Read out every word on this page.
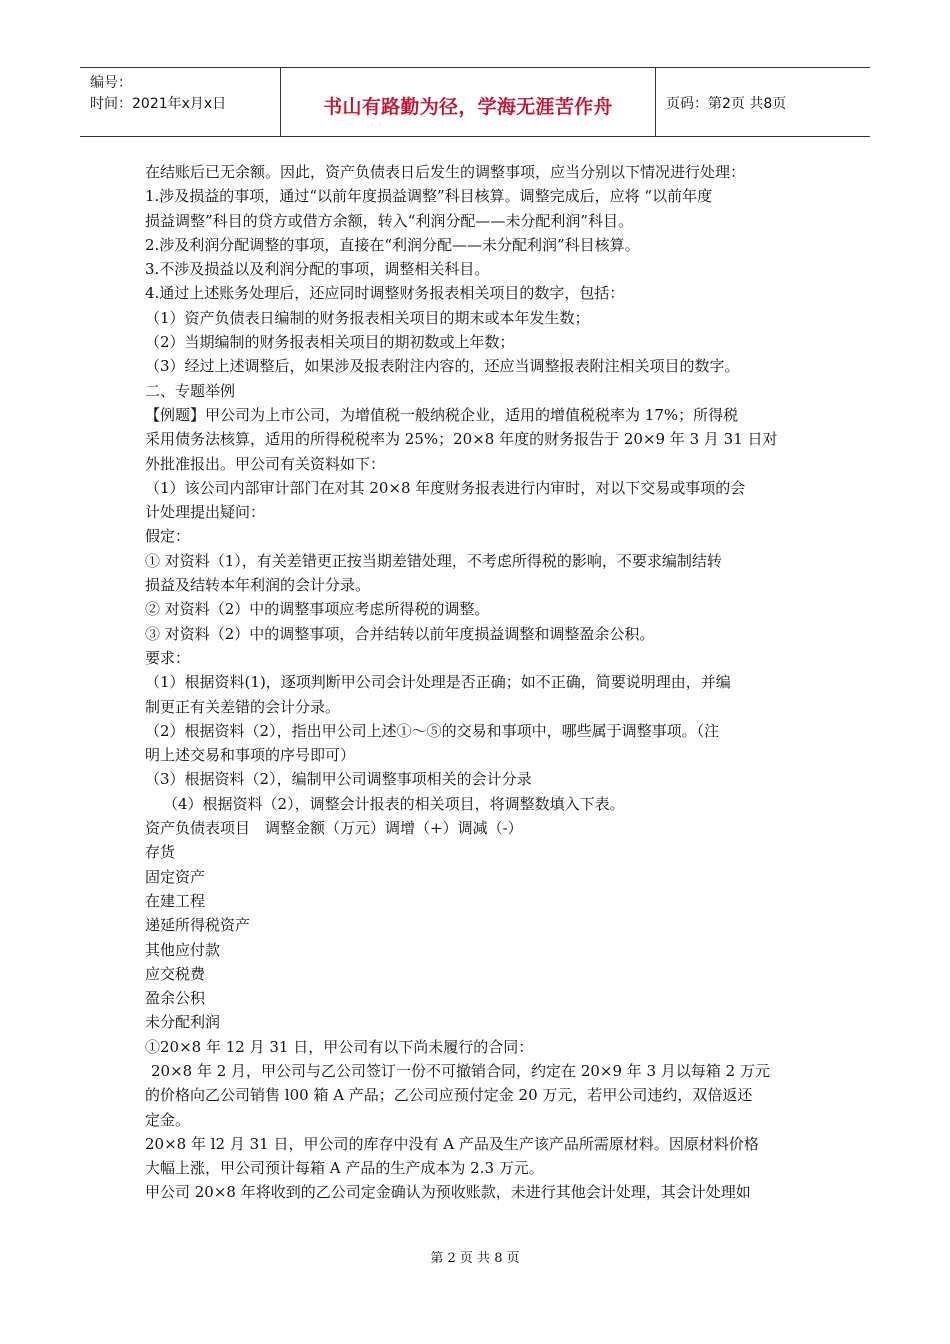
编号：
时间：2021年x月x日	书山有路勤为径，学海无涯苦作舟	页码：第2页 共8页
在结账后已无余额。因此，资产负债表日后发生的调整事项，应当分别以下情况进行处理：
1.涉及损益的事项，通过“以前年度损益调整”科目核算。调整完成后，应将 “以前年度
损益调整”科目的贷方或借方余额，转入“利润分配——未分配利润”科目。
2.涉及利润分配调整的事项，直接在“利润分配——未分配利润”科目核算。
3.不涉及损益以及利润分配的事项，调整相关科目。
4.通过上述账务处理后，还应同时调整财务报表相关项目的数字，包括：
（1）资产负债表日编制的财务报表相关项目的期末或本年发生数；
（2）当期编制的财务报表相关项目的期初数或上年数；
（3）经过上述调整后，如果涉及报表附注内容的，还应当调整报表附注相关项目的数字。
二、专题举例
【例题】甲公司为上市公司，为增值税一般纳税企业，适用的增值税税率为 17%；所得税
采用债务法核算，适用的所得税税率为 25%；20×8 年度的财务报告于 20×9 年 3 月 31 日对
外批准报出。甲公司有关资料如下：
（1）该公司内部审计部门在对其 20×8 年度财务报表进行内审时，对以下交易或事项的会
计处理提出疑问：
假定：
① 对资料（1），有关差错更正按当期差错处理，不考虑所得税的影响，不要求编制结转
损益及结转本年利润的会计分录。
② 对资料（2）中的调整事项应考虑所得税的调整。
③ 对资料（2）中的调整事项，合并结转以前年度损益调整和调整盈余公积。
要求：
（1）根据资料(1)，逐项判断甲公司会计处理是否正确；如不正确，简要说明理由，并编
制更正有关差错的会计分录。
（2）根据资料（2），指出甲公司上述①～⑤的交易和事项中，哪些属于调整事项。（注
明上述交易和事项的序号即可）
（3）根据资料（2），编制甲公司调整事项相关的会计分录
（4）根据资料（2），调整会计报表的相关项目，将调整数填入下表。
资产负债表项目　调整金额（万元）调增（+）调减（-）
存货
固定资产
在建工程
递延所得税资产
其他应付款
应交税费
盈余公积
未分配利润
①20×8 年 12 月 31 日，甲公司有以下尚未履行的合同：
20×8 年 2 月，甲公司与乙公司签订一份不可撤销合同，约定在 20×9 年 3 月以每箱 2 万元
的价格向乙公司销售 l00 箱 A 产品；乙公司应预付定金 20 万元，若甲公司违约，双倍返还
定金。
20×8 年 l2 月 31 日，甲公司的库存中没有 A 产品及生产该产品所需原材料。因原材料价格
大幅上涨，甲公司预计每箱 A 产品的生产成本为 2.3 万元。
甲公司 20×8 年将收到的乙公司定金确认为预收账款，未进行其他会计处理，其会计处理如
第 2 页 共 8 页
